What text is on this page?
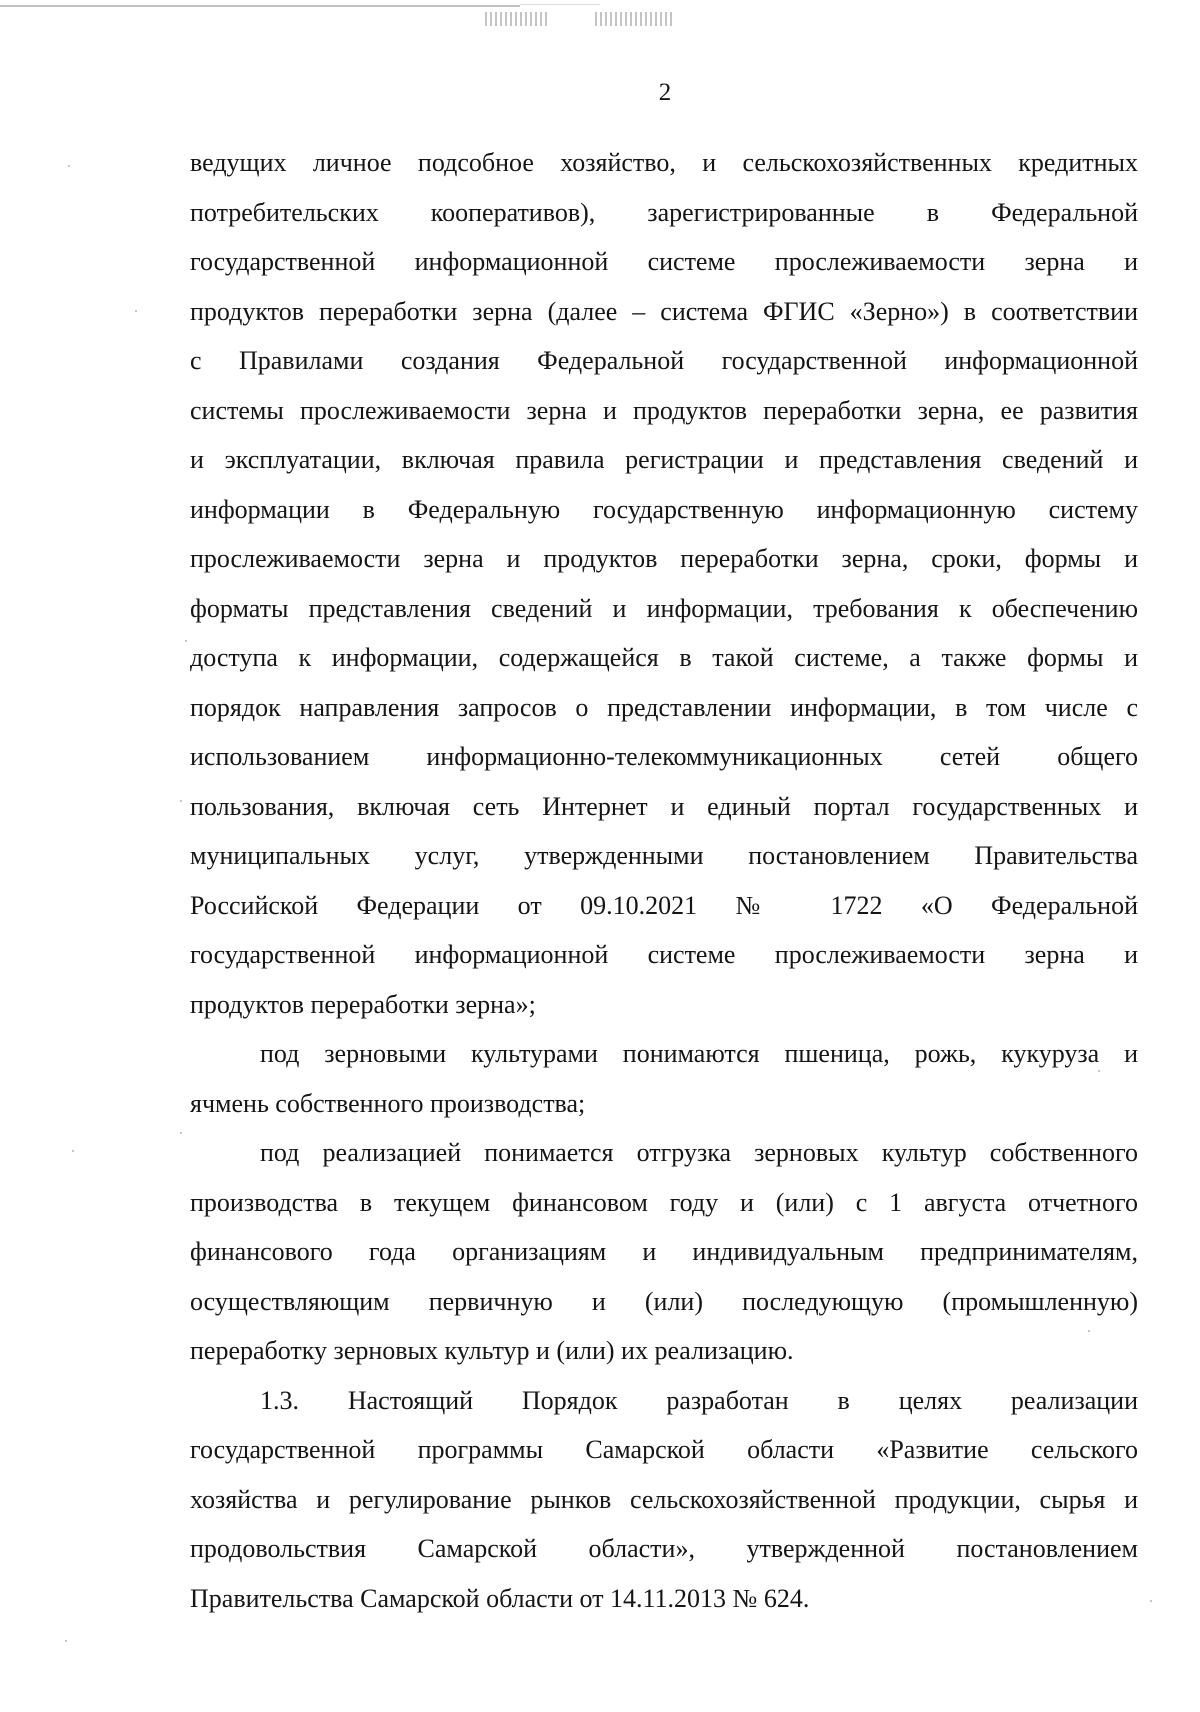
2
ведущих личное подсобное хозяйство, и сельскохозяйственных кредитных
потребительских кооперативов), зарегистрированные в Федеральной
государственной информационной системе прослеживаемости зерна и
продуктов переработки зерна (далее – система ФГИС «Зерно») в соответствии
с Правилами создания Федеральной государственной информационной
системы прослеживаемости зерна и продуктов переработки зерна, ее развития
и эксплуатации, включая правила регистрации и представления сведений и
информации в Федеральную государственную информационную систему
прослеживаемости зерна и продуктов переработки зерна, сроки, формы и
форматы представления сведений и информации, требования к обеспечению
доступа к информации, содержащейся в такой системе, а также формы и
порядок направления запросов о представлении информации, в том числе с
использованием информационно-телекоммуникационных сетей общего
пользования, включая сеть Интернет и единый портал государственных и
муниципальных услуг, утвержденными постановлением Правительства
Российской Федерации от 09.10.2021 № 1722 «О Федеральной
государственной информационной системе прослеживаемости зерна и
продуктов переработки зерна»;
под зерновыми культурами понимаются пшеница, рожь, кукуруза и
ячмень собственного производства;
под реализацией понимается отгрузка зерновых культур собственного
производства в текущем финансовом году и (или) с 1 августа отчетного
финансового года организациям и индивидуальным предпринимателям,
осуществляющим первичную и (или) последующую (промышленную)
переработку зерновых культур и (или) их реализацию.
1.3. Настоящий Порядок разработан в целях реализации
государственной программы Самарской области «Развитие сельского
хозяйства и регулирование рынков сельскохозяйственной продукции, сырья и
продовольствия Самарской области», утвержденной постановлением
Правительства Самарской области от 14.11.2013 № 624.
